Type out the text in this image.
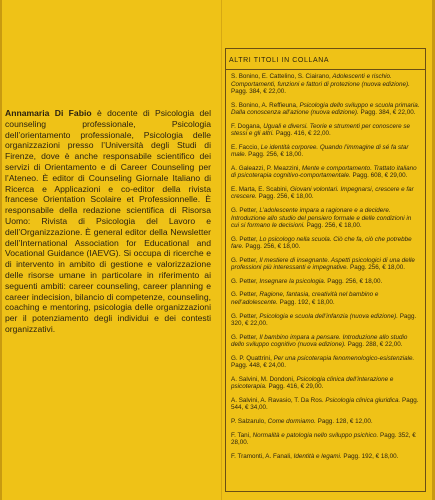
Annamaria Di Fabio è docente di Psicologia del counseling professionale, Psicologia dell’orientamento professionale, Psicologia delle organizzazioni presso l’Università degli Studi di Firenze, dove è anche responsabile scientifico dei servizi di Orientamento e di Career Counseling per l’Ateneo. È editor di Counseling Giornale Italiano di Ricerca e Applicazioni e co-editor della rivista francese Orientation Scolaire et Professionnelle. È responsabile della redazione scientifica di Risorsa Uomo: Rivista di Psicologia del Lavoro e dell’Organizzazione. È general editor della Newsletter dell’International Association for Educational and Vocational Guidance (IAEVG). Si occupa di ricerche e di intervento in ambito di gestione e valorizzazione delle risorse umane in particolare in riferimento ai seguenti ambiti: career counseling, career planning e career indecision, bilancio di competenze, counseling, coaching e mentoring, psicologia delle organizzazioni per il potenziamento degli individui e dei contesti organizzativi.
ALTRI TITOLI IN COLLANA
S. Bonino, E. Cattelino, S. Ciairano, Adolescenti e rischio. Comportamenti, funzioni e fattori di protezione (nuova edizione). Pagg. 384, € 22,00.
S. Bonino, A. Reffieuna, Psicologia dello sviluppo e scuola primaria. Dalla conoscenza all’azione (nuova edizione). Pagg. 384, € 22,00.
F. Dogana, Uguali e diversi. Teorie e strumenti per conoscere se stessi e gli altri. Pagg. 416, € 22,00.
E. Faccio, Le identità corporee. Quando l’immagine di sé fa star male. Pagg. 256, € 18,00.
A. Galeazzi, P. Meazzini, Mente e comportamento. Trattato italiano di psicoterapia cognitivo-comportamentale. Pagg. 608, € 29,00.
E. Marta, E. Scabini, Giovani volontari. Impegnarsi, crescere e far crescere. Pagg. 256, € 18,00.
G. Petter, L’adolescente impara a ragionare e a decidere. Introduzione allo studio del pensiero formale e delle condizioni in cui si formano le decisioni. Pagg. 256, € 18,00.
G. Petter, Lo psicologo nella scuola. Ciò che fa, ciò che potrebbe fare. Pagg. 256, € 18,00.
G. Petter, Il mestiere di insegnante. Aspetti psicologici di una delle professioni più interessanti e impegnative. Pagg. 256, € 18,00.
G. Petter, Insegnare la psicologia. Pagg. 256, € 18,00.
G. Petter, Ragione, fantasia, creatività nel bambino e nell’adolescente. Pagg. 192, € 18,00.
G. Petter, Psicologia e scuola dell’infanzia (nuova edizione). Pagg. 320, € 22,00.
G. Petter, Il bambino impara a pensare. Introduzione allo studio dello sviluppo cognitivo (nuova edizione). Pagg. 288, € 22,00.
G. P. Quattrini, Per una psicoterapia fenomenologico-esistenziale. Pagg. 448, € 24,00.
A. Salvini, M. Dondoni, Psicologia clinica dell’interazione e psicoterapia. Pagg. 416, € 29,00.
A. Salvini, A. Ravasio, T. Da Ros. Psicologia clinica giuridica. Pagg. 544, € 34,00.
P. Salzarulo, Come dormiamo. Pagg. 128, € 12,00.
F. Tani, Normalità e patologia nello sviluppo psichico. Pagg. 352, € 28,00.
F. Tramonti, A. Fanali, Identità e legami. Pagg. 192, € 18,00.
